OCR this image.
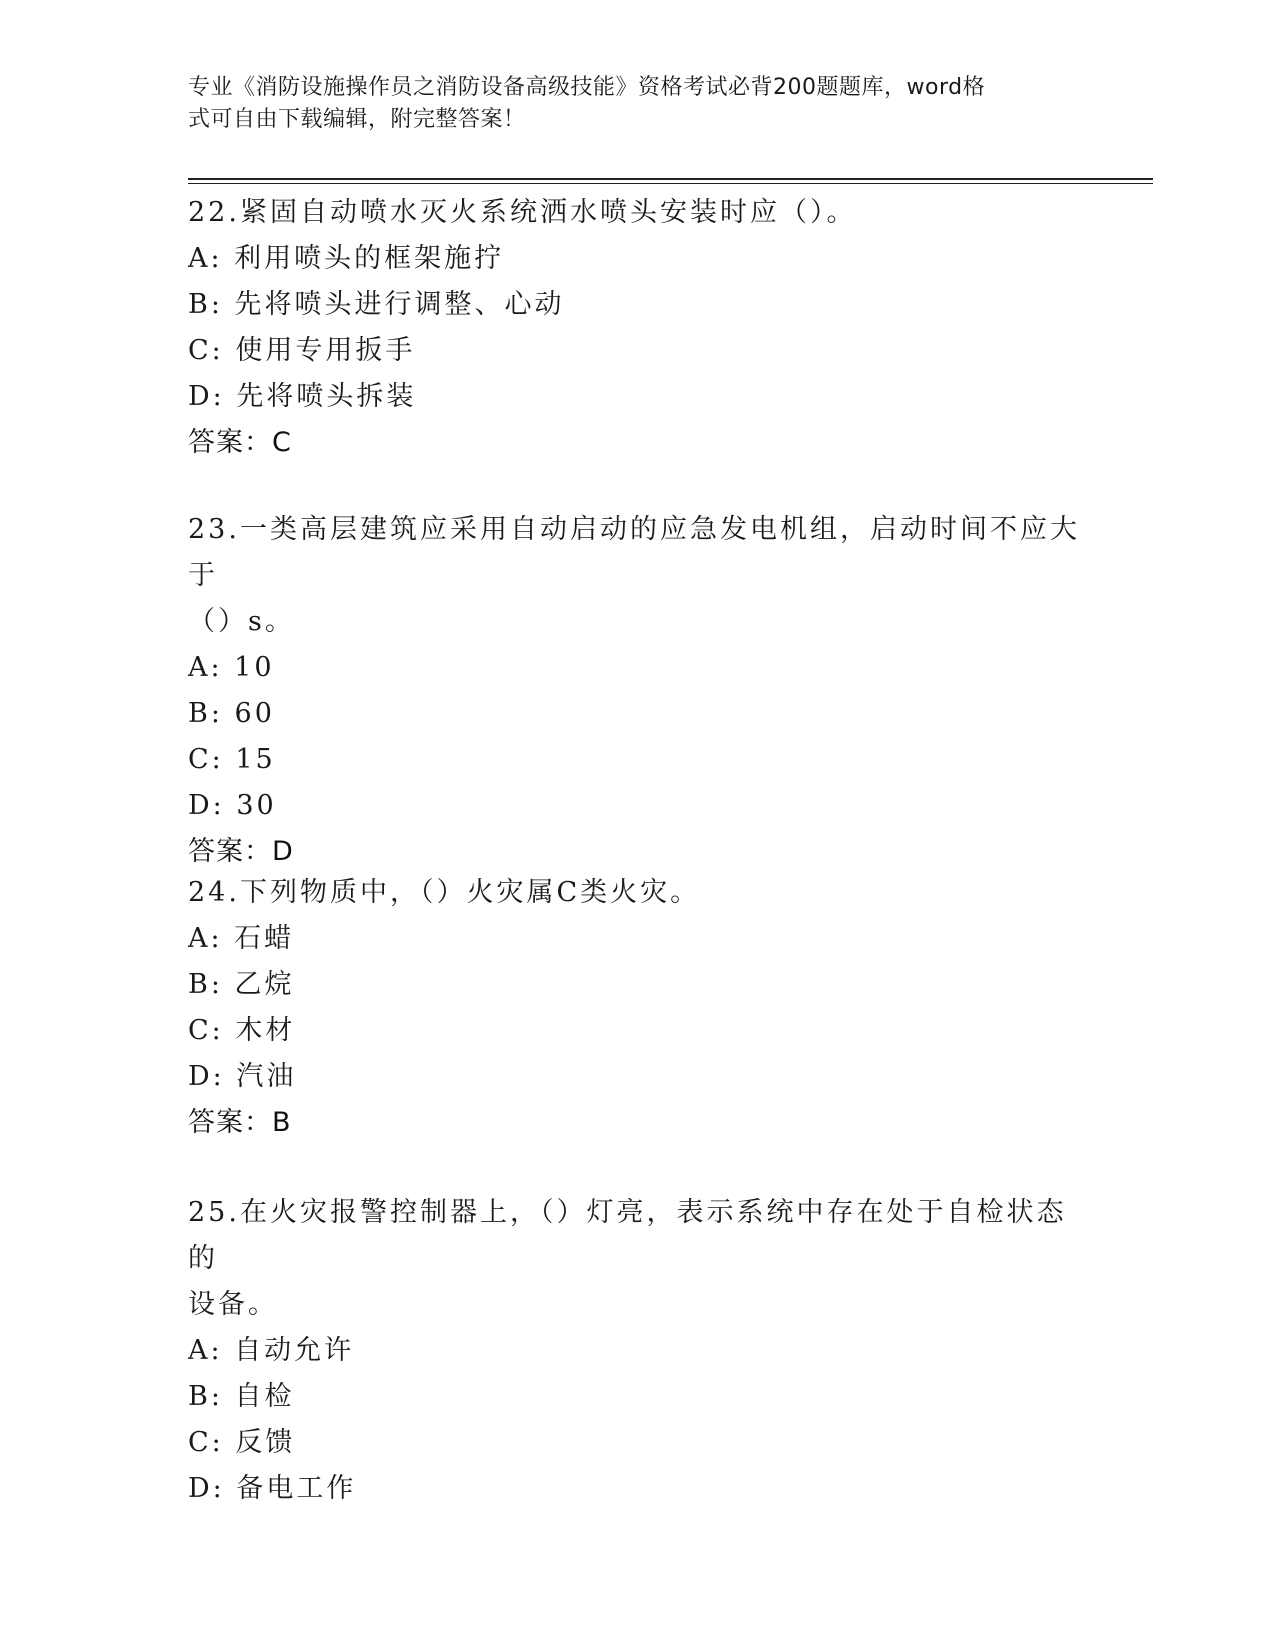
专业《消防设施操作员之消防设备高级技能》资格考试必背200题题库，word格
式可自由下载编辑，附完整答案！
22.紧固自动喷水灭火系统洒水喷头安装时应（）。
A: 利用喷头的框架施拧
B: 先将喷头进行调整、心动
C: 使用专用扳手
D: 先将喷头拆装
答案：C
23.一类高层建筑应采用自动启动的应急发电机组，启动时间不应大于
（）s。
A: 10
B: 60
C: 15
D: 30
答案：D
24.下列物质中，（）火灾属C类火灾。
A: 石蜡
B: 乙烷
C: 木材
D: 汽油
答案：B
25.在火灾报警控制器上，（）灯亮，表示系统中存在处于自检状态的
设备。
A: 自动允许
B: 自检
C: 反馈
D: 备电工作
